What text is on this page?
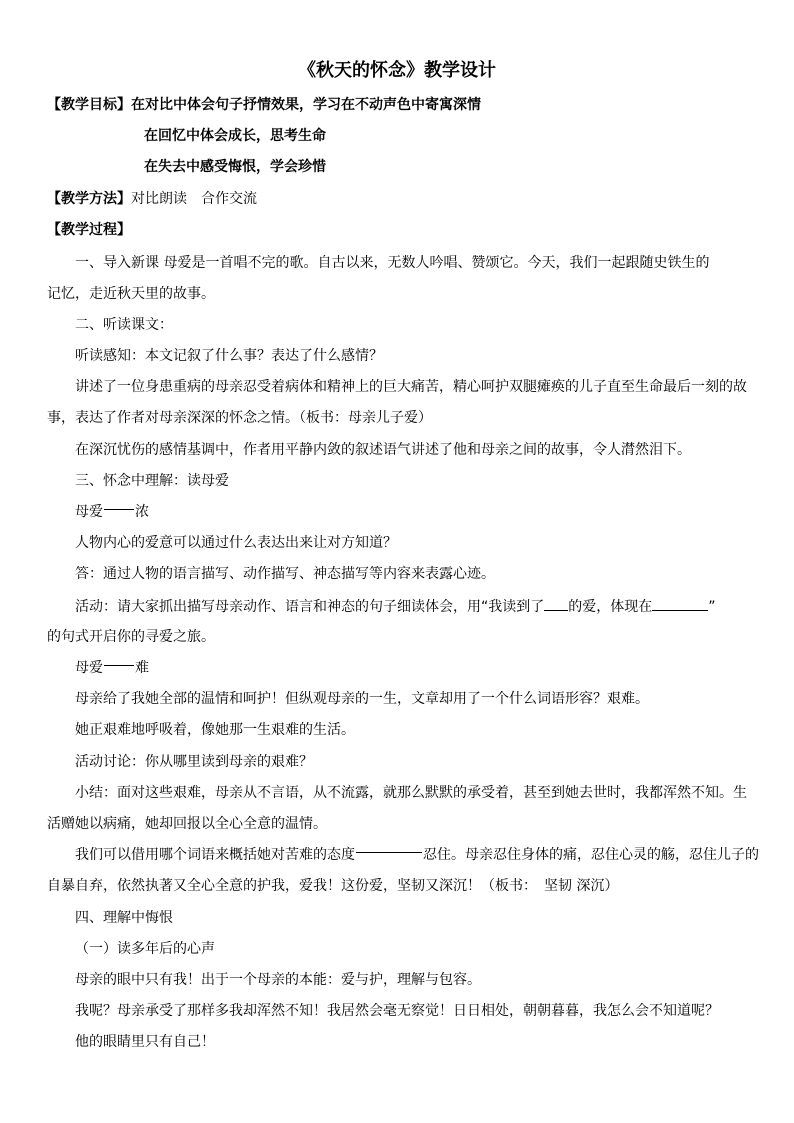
《秋天的怀念》教学设计
【教学目标】在对比中体会句子抒情效果，学习在不动声色中寄寓深情
在回忆中体会成长，思考生命
在失去中感受悔恨，学会珍惜
【教学方法】对比朗读　合作交流
【教学过程】
一、导入新课 母爱是一首唱不完的歌。自古以来，无数人吟唱、赞颂它。今天，我们一起跟随史铁生的
记忆，走近秋天里的故事。
二、听读课文：
听读感知：本文记叙了什么事？表达了什么感情？
讲述了一位身患重病的母亲忍受着病体和精神上的巨大痛苦，精心呵护双腿瘫痪的儿子直至生命最后一刻的故
事，表达了作者对母亲深深的怀念之情。（板书：母亲儿子爱）
在深沉忧伤的感情基调中，作者用平静内敛的叙述语气讲述了他和母亲之间的故事，令人潸然泪下。
三、怀念中理解：读母爱
母爱 浓
人物内心的爱意可以通过什么表达出来让对方知道？
答：通过人物的语言描写、动作描写、神态描写等内容来表露心迹。
活动：请大家抓出描写母亲动作、语言和神态的句子细读体会，用“我读到了 的爱，体现在	”
的句式开启你的寻爱之旅。
母爱 难
母亲给了我她全部的温情和呵护！但纵观母亲的一生，文章却用了一个什么词语形容？艰难。
她正艰难地呼吸着，像她那一生艰难的生活。
活动讨论：你从哪里读到母亲的艰难？
小结：面对这些艰难，母亲从不言语，从不流露，就那么默默的承受着，甚至到她去世时，我都浑然不知。生
活赠她以病痛，她却回报以全心全意的温情。
我们可以借用哪个词语来概括她对苦难的态度	忍住。母亲忍住身体的痛，忍住心灵的觞，忍住儿子的
自暴自弃，依然执著又全心全意的护我，爱我！这份爱，坚韧又深沉！（板书：　坚韧 深沉）
四、理解中悔恨
（一）读多年后的心声
母亲的眼中只有我！出于一个母亲的本能：爱与护，理解与包容。
我呢？母亲承受了那样多我却浑然不知！我居然会毫无察觉！日日相处，朝朝暮暮，我怎么会不知道呢？
他的眼睛里只有自己！
